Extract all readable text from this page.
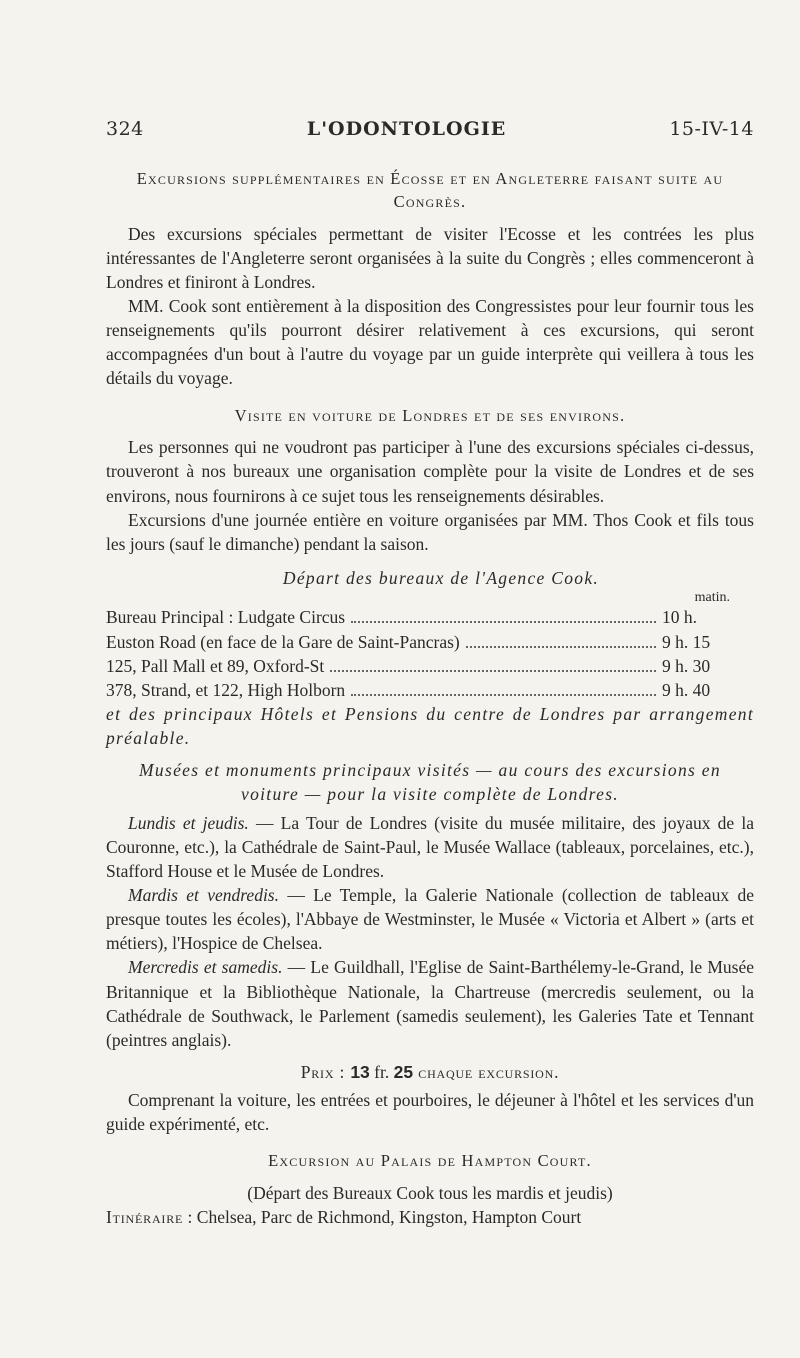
324	L'ODONTOLOGIE	15-IV-14

Excursions supplémentaires en Écosse et en Angleterre faisant suite au Congrès.

Des excursions spéciales permettant de visiter l'Ecosse et les contrées les plus intéressantes de l'Angleterre seront organisées à la suite du Congrès ; elles commenceront à Londres et finiront à Londres.

MM. Cook sont entièrement à la disposition des Congressistes pour leur fournir tous les renseignements qu'ils pourront désirer relativement à ces excursions, qui seront accompagnées d'un bout à l'autre du voyage par un guide interprète qui veillera à tous les détails du voyage.

Visite en voiture de Londres et de ses environs.

Les personnes qui ne voudront pas participer à l'une des excursions spéciales ci-dessus, trouveront à nos bureaux une organisation complète pour la visite de Londres et de ses environs, nous fournirons à ce sujet tous les renseignements désirables.

Excursions d'une journée entière en voiture organisées par MM. Thos Cook et fils tous les jours (sauf le dimanche) pendant la saison.

Départ des bureaux de l'Agence Cook.

matin.

Bureau Principal : Ludgate Circus	10 h.
Euston Road (en face de la Gare de Saint-Pancras)	9 h. 15
125, Pall Mall et 89, Oxford-St	9 h. 30
378, Strand, et 122, High Holborn	9 h. 40

et des principaux Hôtels et Pensions du centre de Londres par arrangement préalable.

Musées et monuments principaux visités — au cours des excursions en voiture — pour la visite complète de Londres.

Lundis et jeudis. — La Tour de Londres (visite du musée militaire, des joyaux de la Couronne, etc.), la Cathédrale de Saint-Paul, le Musée Wallace (tableaux, porcelaines, etc.), Stafford House et le Musée de Londres.

Mardis et vendredis. — Le Temple, la Galerie Nationale (collection de tableaux de presque toutes les écoles), l'Abbaye de Westminster, le Musée « Victoria et Albert » (arts et métiers), l'Hospice de Chelsea.

Mercredis et samedis. — Le Guildhall, l'Eglise de Saint-Barthélemy-le-Grand, le Musée Britannique et la Bibliothèque Nationale, la Chartreuse (mercredis seulement, ou la Cathédrale de Southwack, le Parlement (samedis seulement), les Galeries Tate et Tennant (peintres anglais).

Prix : 13 fr. 25 chaque excursion.

Comprenant la voiture, les entrées et pourboires, le déjeuner à l'hôtel et les services d'un guide expérimenté, etc.

Excursion au Palais de Hampton Court.

(Départ des Bureaux Cook tous les mardis et jeudis)

Itinéraire : Chelsea, Parc de Richmond, Kingston, Hampton Court
